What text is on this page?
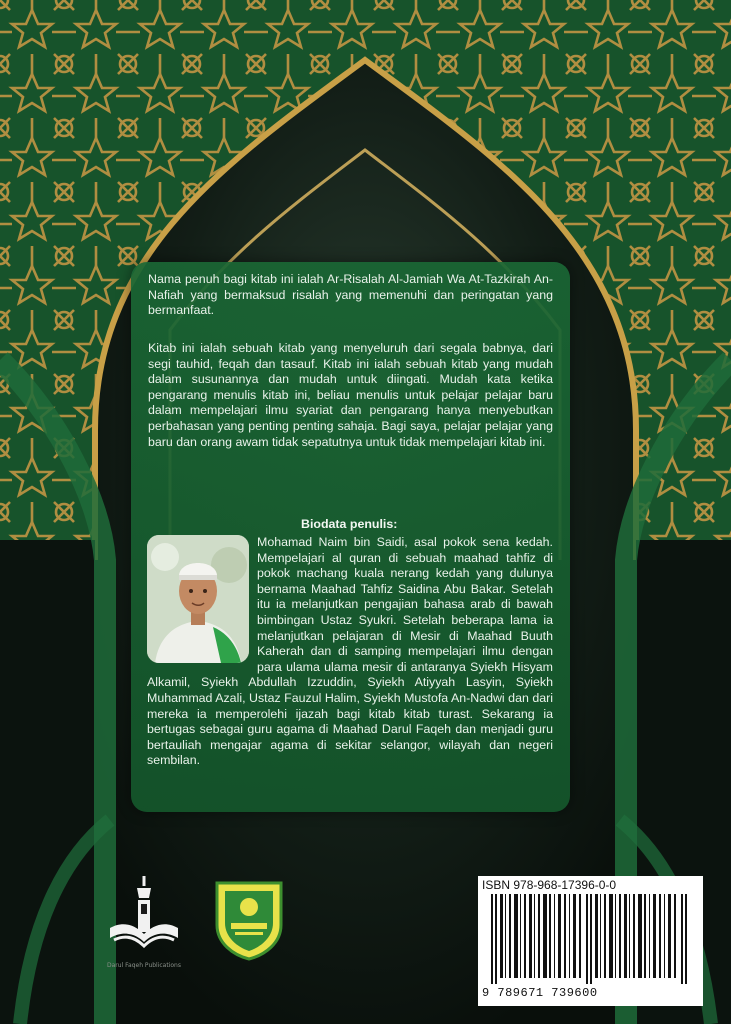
Nama penuh bagi kitab ini ialah Ar-Risalah Al-Jamiah Wa At-Tazkirah An-Nafiah yang bermaksud risalah yang memenuhi dan peringatan yang bermanfaat.

Kitab ini ialah sebuah kitab yang menyeluruh dari segala babnya, dari segi tauhid, feqah dan tasauf. Kitab ini ialah sebuah kitab yang mudah dalam susunannya dan mudah untuk diingati. Mudah kata ketika pengarang menulis kitab ini, beliau menulis untuk pelajar pelajar baru dalam mempelajari ilmu syariat dan pengarang hanya menyebutkan perbahasan yang penting penting sahaja. Bagi saya, pelajar pelajar yang baru dan orang awam tidak sepatutnya untuk tidak mempelajari kitab ini.

Biodata penulis:

Mohamad Naim bin Saidi, asal pokok sena kedah. Mempelajari al quran di sebuah maahad tahfiz di pokok machang kuala nerang kedah yang dulunya bernama Maahad Tahfiz Saidina Abu Bakar. Setelah itu ia melanjutkan pengajian bahasa arab di bawah bimbingan Ustaz Syukri. Setelah beberapa lama ia melanjutkan pelajaran di Mesir di Maahad Buuth Kaherah dan di samping mempelajari ilmu dengan para ulama ulama mesir di antaranya Syiekh Hisyam Alkamil, Syiekh Abdullah Izzuddin, Syiekh Atiyyah Lasyin, Syiekh Muhammad Azali, Ustaz Fauzul Halim, Syiekh Mustofa An-Nadwi dan dari mereka ia memperolehi ijazah bagi kitab kitab turast. Sekarang ia bertugas sebagai guru agama di Maahad Darul Faqeh dan menjadi guru bertauliah mengajar agama di sekitar selangor, wilayah dan negeri sembilan.

Darul Faqeh Publications
ISBN 978-968-17396-0-0
9 789671 739600
